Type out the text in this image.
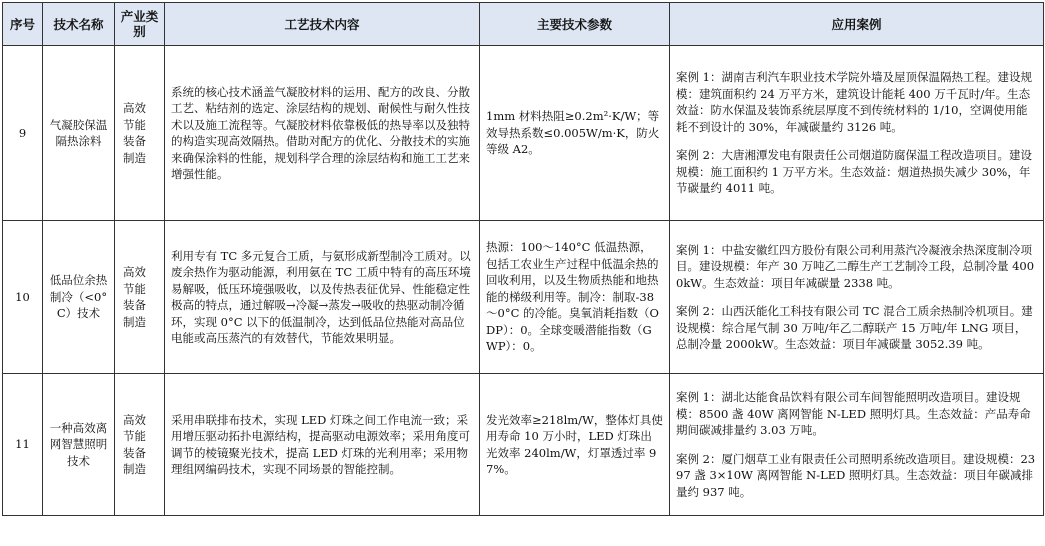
序号	技术名称	产业类别	工艺技术内容	主要技术参数	应用案例
9	气凝胶保温隔热涂料	高效节能装备制造	系统的核心技术涵盖气凝胶材料的运用、配方的改良、分散工艺、粘结剂的选定、涂层结构的规划、耐候性与耐久性技术以及施工流程等。气凝胶材料依靠极低的热导率以及独特的构造实现高效隔热。借助对配方的优化、分散技术的实施来确保涂料的性能，规划科学合理的涂层结构和施工工艺来增强性能。	1mm 材料热阻≥0.2m²·K/W；等效导热系数≤0.005W/m·K，防火等级 A2。	案例 1：湖南吉利汽车职业技术学院外墙及屋顶保温隔热工程。建设规模：建筑面积约 24 万平方米，建筑设计能耗 400 万千瓦时/年。生态效益：防水保温及装饰系统层厚度不到传统材料的 1/10，空调使用能耗不到设计的 30%，年减碳量约 3126 吨。
案例 2：大唐湘潭发电有限责任公司烟道防腐保温工程改造项目。建设规模：施工面积约 1 万平方米。生态效益：烟道热损失减少 30%，年节碳量约 4011 吨。

10	低品位余热制冷（<0°C）技术	高效节能装备制造	利用专有 TC 多元复合工质，与氨形成新型制冷工质对。以废余热作为驱动能源，利用氨在 TC 工质中特有的高压环境易解吸，低压环境强吸收，以及传热表征优异、性能稳定性极高的特点，通过解吸→冷凝→蒸发→吸收的热驱动制冷循环，实现 0°C 以下的低温制冷，达到低品位热能对高品位电能或高压蒸汽的有效替代，节能效果明显。	热源：100～140°C 低温热源，包括工农业生产过程中低温余热的回收利用，以及生物质热能和地热能的梯级利用等。制冷：制取-38～0°C 的冷能。臭氧消耗指数（ODP）：0。全球变暖潜能指数（GWP）：0。	案例 1：中盐安徽红四方股份有限公司利用蒸汽冷凝液余热深度制冷项目。建设规模：年产 30 万吨乙二醇生产工艺制冷工段，总制冷量 4000kW。生态效益：项目年减碳量 2338 吨。
案例 2：山西沃能化工科技有限公司 TC 混合工质余热制冷机项目。建设规模：综合尾气制 30 万吨/年乙二醇联产 15 万吨/年 LNG 项目，总制冷量 2000kW。生态效益：项目年减碳量 3052.39 吨。

11	一种高效离网智慧照明技术	高效节能装备制造	采用串联排布技术，实现 LED 灯珠之间工作电流一致；采用增压驱动拓扑电源结构，提高驱动电源效率；采用角度可调节的棱镜聚光技术，提高 LED 灯珠的光利用率；采用物理组网编码技术，实现不同场景的智能控制。	发光效率≥218lm/W，整体灯具使用寿命 10 万小时，LED 灯珠出光效率 240lm/W，灯罩透过率 97%。	案例 1：湖北达能食品饮料有限公司车间智能照明改造项目。建设规模：8500 盏 40W 离网智能 N-LED 照明灯具。生态效益：产品寿命期间碳减排量约 3.03 万吨。
案例 2：厦门烟草工业有限责任公司照明系统改造项目。建设规模：2397 盏 3×10W 离网智能 N-LED 照明灯具。生态效益：项目年碳减排量约 937 吨。
